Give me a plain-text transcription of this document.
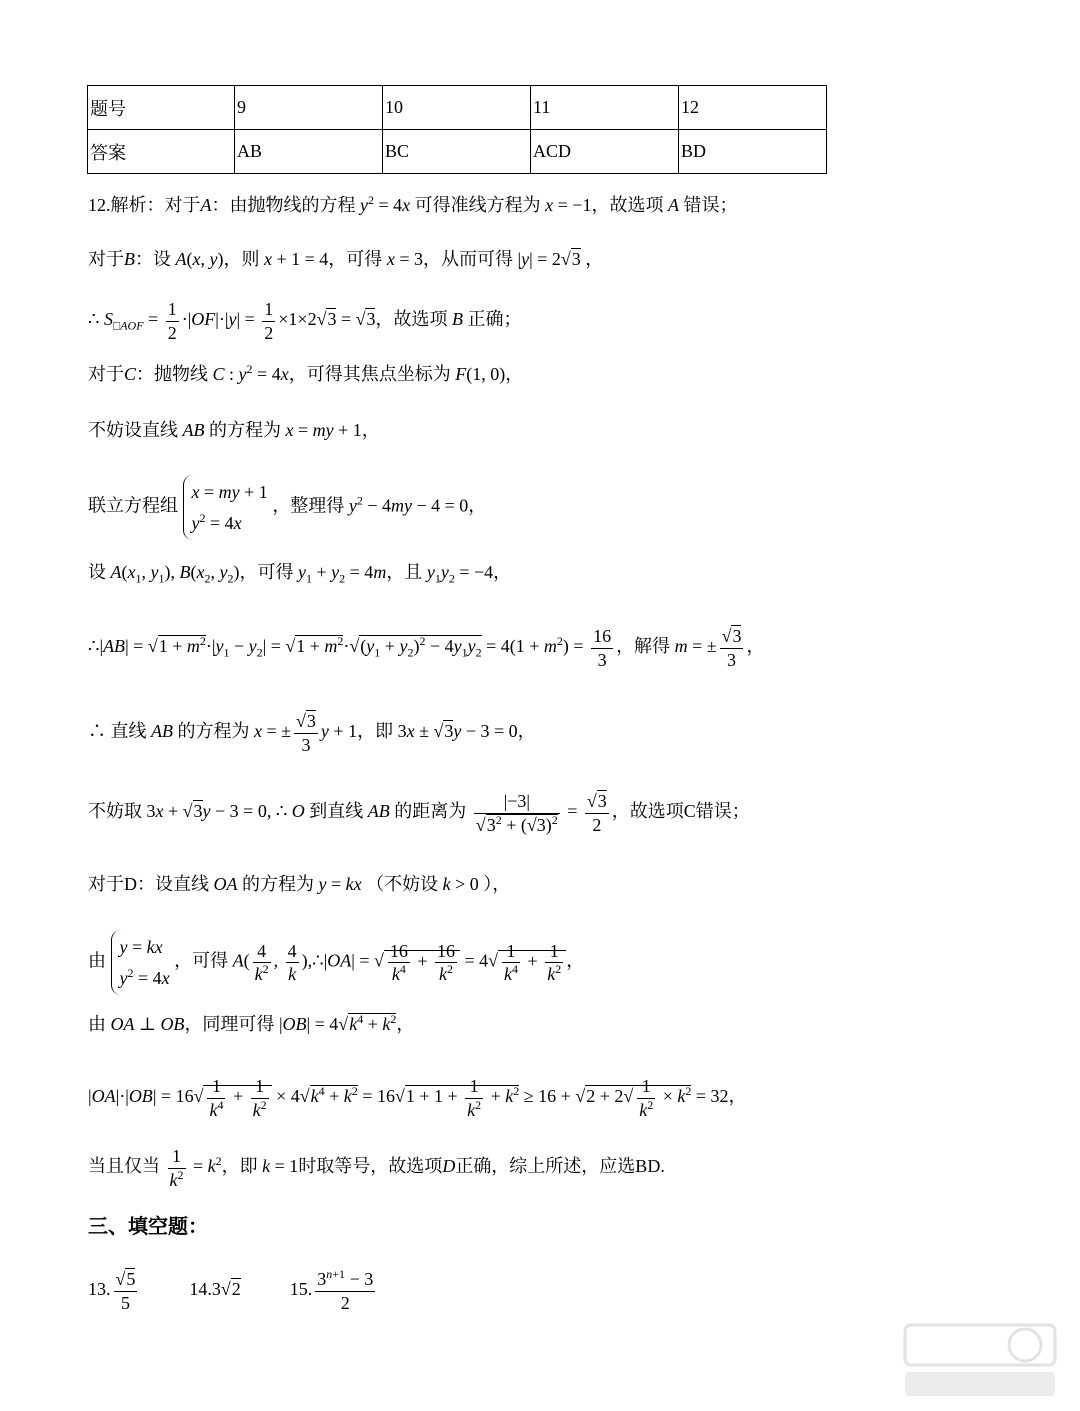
题号	9	10	11	12
答案	AB	BC	ACD	BD
12.解析：对于A：由抛物线的方程 $y^2 = 4x$ 可得准线方程为 x = −1，故选项 A 错误；
对于B：设 A(x, y)，则 x + 1 = 4，可得 x = 3，从而可得 |y| = 2√3 ，
∴ $S_{□AOF} = \frac{1}{2} \cdot|OF|\cdot|y| = \frac{1}{2} \times 1\times 2√3 = √3$，故选项 B 正确；
对于C：抛物线 C : $y^2 = 4x$，可得其焦点坐标为 F(1, 0)，
不妨设直线 AB 的方程为 x = my + 1，
联立方程组 x = my + 1
$y^2 = 4x$ ，整理得 $y^2 - 4my - 4 = 0$，
设 $A(x_1$, $y_1$), $B(x_2$, $y_2$)，可得 $y_1 + y_2 = 4m$，且 $y_1y_2 = -4$，
∴|AB| = $√1 + m^2\cdot|y_1 - y_2| = √1 + m^2\cdot√(y_1 + y_2)^2 - 4y_1y_2 = 4(1 + m^2) = \frac{16}{3}$ ，解得 m = ± $\frac{√3}{3}$ ，
∴ 直线 AB 的方程为 x = ± $\frac{√3}{3}$ y + 1，即 3x ± √3y − 3 = 0，
不妨取 3x + √3y − 3 = 0, ∴ O 到直线 AB 的距离为 $\frac{|-3|}{√3^2 + (√3)^2} = \frac{√3}{2}$ ，故选项C错误；
对于D：设直线 OA 的方程为 y = kx （不妨设 k > 0 ），
由 y = kx
$y^2 = 4x$ ，可得 $A( \frac{4}{k^2}$ , $\frac{4}{k}$ ),∴|OA| = √ $\frac{16}{k^4} + \frac{16}{k^2} = 4√ \frac{1}{k^4} + \frac{1}{k^2}$ ，
由 OA ⊥ OB，同理可得 $|OB| = 4√k^4 + k^2$，
$|OA|\cdot|OB| = 16√ \frac{1}{k^4} + \frac{1}{k^2} \times 4√k^4 + k^2 = 16√1 + 1 + \frac{1}{k^2} + k^2 \ge 16 + √2 + 2√ \frac{1}{k^2} \times k^2 = 32$，
当且仅当 $\frac{1}{k^2} = k^2$，即 k = 1时取等号，故选项D正确，综上所述，应选BD.
三、填空题：
13. $\frac{√5}{5}$	14.3√2	15. $\frac{3^{n+1} - 3}{2}$
